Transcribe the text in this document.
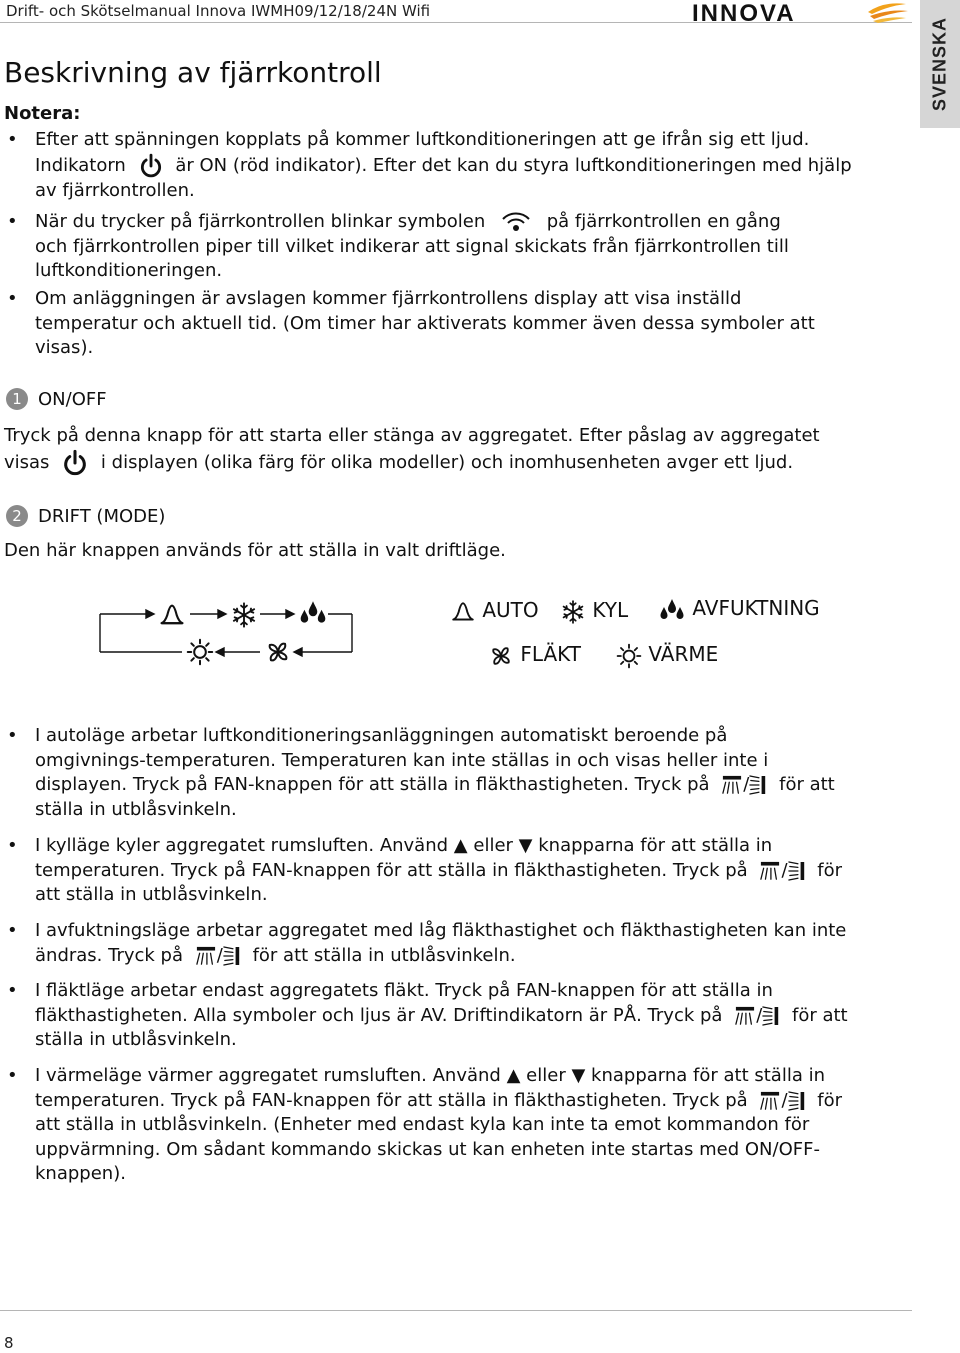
Drift- och Skötselmanual Innova IWMH09/12/18/24N Wifi	INNOVA
SVENSKA
Beskrivning av fjärrkontroll
Notera:
• Efter att spänningen kopplats på kommer luftkonditioneringen att ge ifrån sig ett ljud.
Indikatorn	är ON (röd indikator). Efter det kan du styra luftkonditioneringen med hjälp
av fjärrkontrollen.
• När du trycker på fjärrkontrollen blinkar symbolen	på fjärrkontrollen en gång
och fjärrkontrollen piper till vilket indikerar att signal skickats från fjärrkontrollen till
luftkonditioneringen.
• Om anläggningen är avslagen kommer fjärrkontrollens display att visa inställd
temperatur och aktuell tid. (Om timer har aktiverats kommer även dessa symboler att
visas).
1 ON/OFF
Tryck på denna knapp för att starta eller stänga av aggregatet. Efter påslag av aggregatet
visas	i displayen (olika färg för olika modeller) och inomhusenheten avger ett ljud.
2 DRIFT (MODE)
Den här knappen används för att ställa in valt driftläge.
AUTO	KYL	AVFUKTNING
FLÄKT	VÄRME
• I autoläge arbetar luftkonditioneringsanläggningen automatiskt beroende på
omgivnings-temperaturen. Temperaturen kan inte ställas in och visas heller inte i
displayen. Tryck på FAN-knappen för att ställa in fläkthastigheten. Tryck på / för att
ställa in utblåsvinkeln.
• I kylläge kyler aggregatet rumsluften. Använd ▲ eller ▼ knapparna för att ställa in
temperaturen. Tryck på FAN-knappen för att ställa in fläkthastigheten. Tryck på / för
att ställa in utblåsvinkeln.
• I avfuktningsläge arbetar aggregatet med låg fläkthastighet och fläkthastigheten kan inte
ändras. Tryck på / för att ställa in utblåsvinkeln.
• I fläktläge arbetar endast aggregatets fläkt. Tryck på FAN-knappen för att ställa in
fläkthastigheten. Alla symboler och ljus är AV. Driftindikatorn är PÅ. Tryck på / för att
ställa in utblåsvinkeln.
• I värmeläge värmer aggregatet rumsluften. Använd ▲ eller ▼ knapparna för att ställa in
temperaturen. Tryck på FAN-knappen för att ställa in fläkthastigheten. Tryck på / för
att ställa in utblåsvinkeln. (Enheter med endast kyla kan inte ta emot kommandon för
uppvärmning. Om sådant kommando skickas ut kan enheten inte startas med ON/OFF-
knappen).
8
